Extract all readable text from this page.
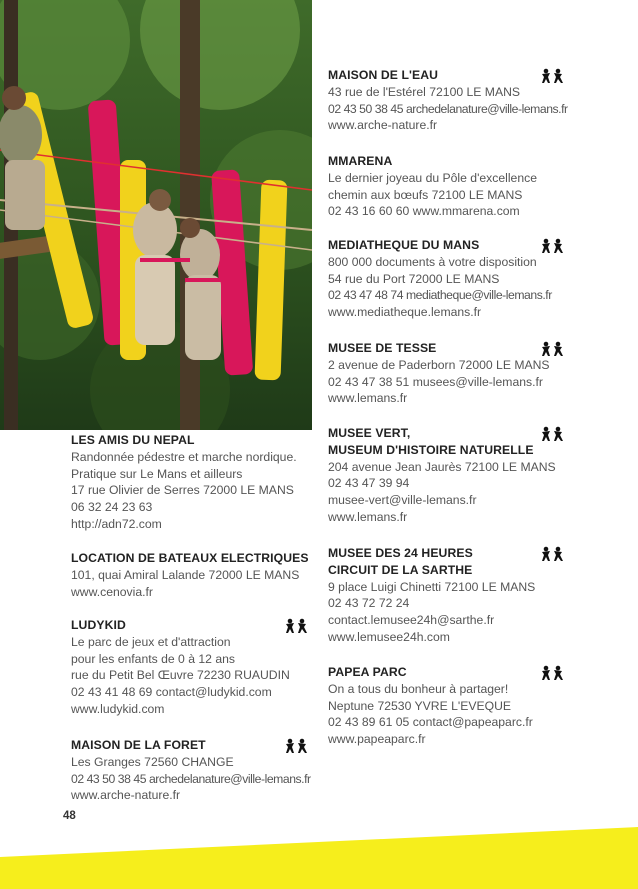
LES AMIS DU NEPAL
Randonnée pédestre et marche nordique.
Pratique sur Le Mans et ailleurs
17 rue Olivier de Serres 72000 LE MANS
06 32 24 23 63
http://adn72.com
LOCATION DE BATEAUX ELECTRIQUES
101, quai Amiral Lalande 72000 LE MANS
www.cenovia.fr
LUDYKID
Le parc de jeux et d'attraction
pour les enfants de 0 à 12 ans
rue du Petit Bel Œuvre 72230 RUAUDIN
02 43 41 48 69 contact@ludykid.com
www.ludykid.com
MAISON DE LA FORET
Les Granges 72560 CHANGE
02 43 50 38 45 archedelanature@ville-lemans.fr
www.arche-nature.fr
MAISON DE L'EAU
43 rue de l'Estérel 72100 LE MANS
02 43 50 38 45 archedelanature@ville-lemans.fr
www.arche-nature.fr
MMARENA
Le dernier joyeau du Pôle d'excellence
chemin aux bœufs 72100 LE MANS
02 43 16 60 60 www.mmarena.com
MEDIATHEQUE DU MANS
800 000 documents à votre disposition
54 rue du Port 72000 LE MANS
02 43 47 48 74 mediatheque@ville-lemans.fr
www.mediatheque.lemans.fr
MUSEE DE TESSE
2 avenue de Paderborn 72000 LE MANS
02 43 47 38 51 musees@ville-lemans.fr
www.lemans.fr
MUSEE VERT,
MUSEUM D'HISTOIRE NATURELLE
204 avenue Jean Jaurès 72100 LE MANS
02 43 47 39 94
musee-vert@ville-lemans.fr
www.lemans.fr
MUSEE DES 24 HEURES
CIRCUIT DE LA SARTHE
9 place Luigi Chinetti 72100 LE MANS
02 43 72 72 24
contact.lemusee24h@sarthe.fr
www.lemusee24h.com
PAPEA PARC
On a tous du bonheur à partager!
Neptune 72530 YVRE L'EVEQUE
02 43 89 61 05 contact@papeaparc.fr
www.papeaparc.fr
48
